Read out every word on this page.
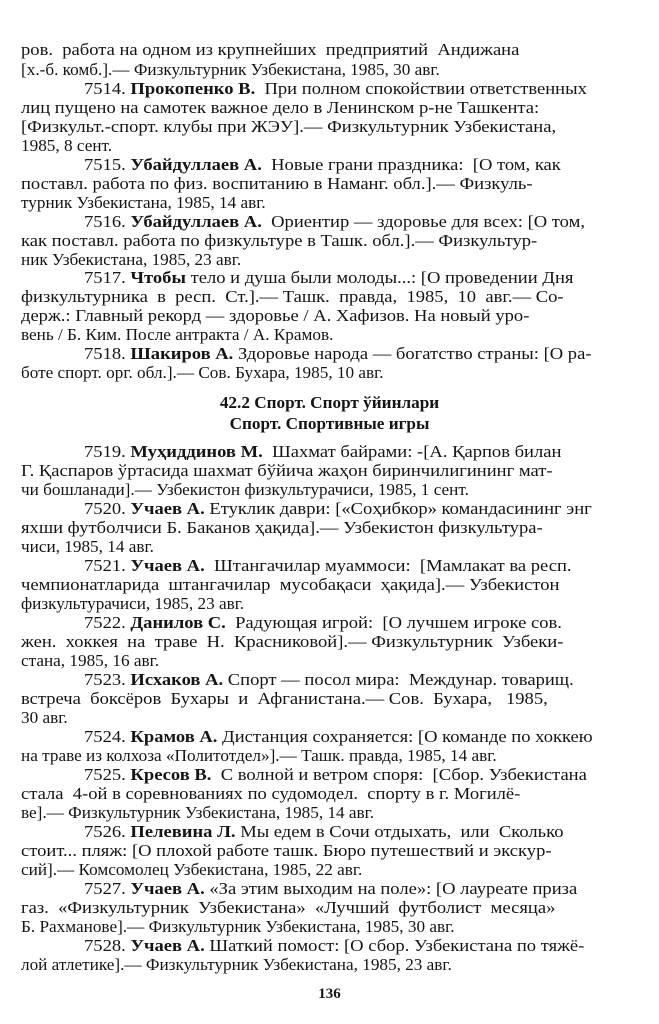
ров.  работа на одном из крупнейших  предприятий  Андижана
[х.-б. комб.].— Физкультурник Узбекистана, 1985, 30 авг.
7514. Прокопенко В.  При полном спокойствии ответственных
лиц пущено на самотек важное дело в Ленинском р-не Ташкента:
[Физкульт.-спорт. клубы при ЖЭУ].— Физкультурник Узбекистана,
1985, 8 сент.
7515. Убайдуллаев А.  Новые грани праздника:  [О том, как
поставл. работа по физ. воспитанию в Наманг. обл.].— Физкуль-
турник Узбекистана, 1985, 14 авг.
7516. Убайдуллаев А.  Ориентир — здоровье для всех: [О том,
как поставл. работа по физкультуре в Ташк. обл.].— Физкультур-
ник Узбекистана, 1985, 23 авг.
7517. Чтобы тело и душа были молоды...: [О проведении Дня
физкультурника  в  респ.  Ст.].— Ташк.  правда,  1985,  10  авг.— Со-
держ.: Главный рекорд — здоровье / А. Хафизов. На новый уро-
вень / Б. Ким. После антракта / А. Крамов.
7518. Шакиров А. Здоровье народа — богатство страны: [О ра-
боте спорт. орг. обл.].— Сов. Бухара, 1985, 10 авг.
7519. Муҳиддинов М.  Шахмат байрами: -[А. Қарпов билан
Г. Қаспаров ўртасида шахмат бўйича жаҳон биринчилигининг мат-
чи бошланади].— Узбекистон физкультурачиси, 1985, 1 сент.
7520. Учаев А. Етуклик даври: [«Соҳибкор» командасининг энг
яхши футболчиси Б. Баканов ҳақида].— Узбекистон физкультура-
чиси, 1985, 14 авг.
7521. Учаев А.  Штангачилар муаммоси:  [Мамлакат ва респ.
чемпионатларида  штангачилар  мусобақаси  ҳақида].— Узбекистон
физкультурачиси, 1985, 23 авг.
7522. Данилов С.  Радующая игрой:  [О лучшем игроке сов.
жен.  хоккея  на  траве  Н.  Красниковой].— Физкультурник  Узбеки-
стана, 1985, 16 авг.
7523. Исхаков А. Спорт — посол мира:  Междунар. товарищ.
встреча  боксёров  Бухары  и  Афганистана.— Сов.  Бухара,   1985,
30 авг.
7524. Крамов А. Дистанция сохраняется: [О команде по хоккею
на траве из колхоза «Политотдел»].— Ташк. правда, 1985, 14 авг.
7525. Кресов В.  С волной и ветром споря:  [Сбор. Узбекистана
стала  4-ой в соревнованиях по судомодел.  спорту в г. Могилё-
ве].— Физкультурник Узбекистана, 1985, 14 авг.
7526. Пелевина Л. Мы едем в Сочи отдыхать,  или  Сколько
стоит... пляж: [О плохой работе ташк. Бюро путешествий и экскур-
сий].— Комсомолец Узбекистана, 1985, 22 авг.
7527. Учаев А. «За этим выходим на поле»: [О лауреате приза
газ.  «Физкультурник  Узбекистана»  «Лучший  футболист  месяца»
Б. Рахманове].— Физкультурник Узбекистана, 1985, 30 авг.
7528. Учаев А. Шаткий помост: [О сбор. Узбекистана по тяжё-
лой атлетике].— Физкультурник Узбекистана, 1985, 23 авг.
42.2 Спорт. Спорт ўйинлари
Спорт. Спортивные игры
136
